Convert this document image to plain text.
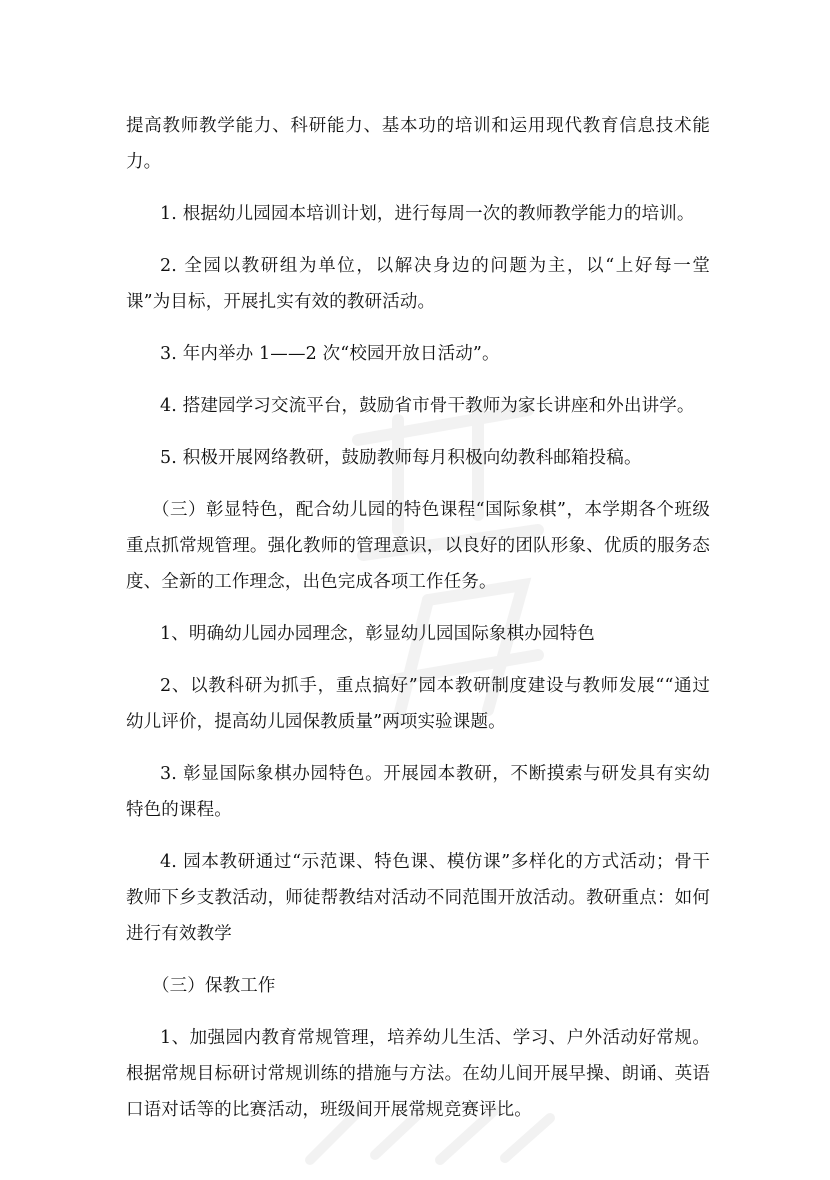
提高教师教学能力、科研能力、基本功的培训和运用现代教育信息技术能力。

1. 根据幼儿园园本培训计划，进行每周一次的教师教学能力的培训。

2. 全园以教研组为单位，以解决身边的问题为主，以“上好每一堂课”为目标，开展扎实有效的教研活动。

3. 年内举办 1——2 次“校园开放日活动”。

4. 搭建园学习交流平台，鼓励省市骨干教师为家长讲座和外出讲学。

5. 积极开展网络教研，鼓励教师每月积极向幼教科邮箱投稿。

（三）彰显特色，配合幼儿园的特色课程“国际象棋”，本学期各个班级重点抓常规管理。强化教师的管理意识，以良好的团队形象、优质的服务态度、全新的工作理念，出色完成各项工作任务。

1、明确幼儿园办园理念，彰显幼儿园国际象棋办园特色

2、以教科研为抓手，重点搞好”园本教研制度建设与教师发展““通过幼儿评价，提高幼儿园保教质量”两项实验课题。

3. 彰显国际象棋办园特色。开展园本教研，不断摸索与研发具有实幼特色的课程。

4. 园本教研通过“示范课、特色课、模仿课”多样化的方式活动；骨干教师下乡支教活动，师徒帮教结对活动不同范围开放活动。教研重点：如何进行有效教学

（三）保教工作

1、加强园内教育常规管理，培养幼儿生活、学习、户外活动好常规。根据常规目标研讨常规训练的措施与方法。在幼儿间开展早操、朗诵、英语口语对话等的比赛活动，班级间开展常规竞赛评比。
